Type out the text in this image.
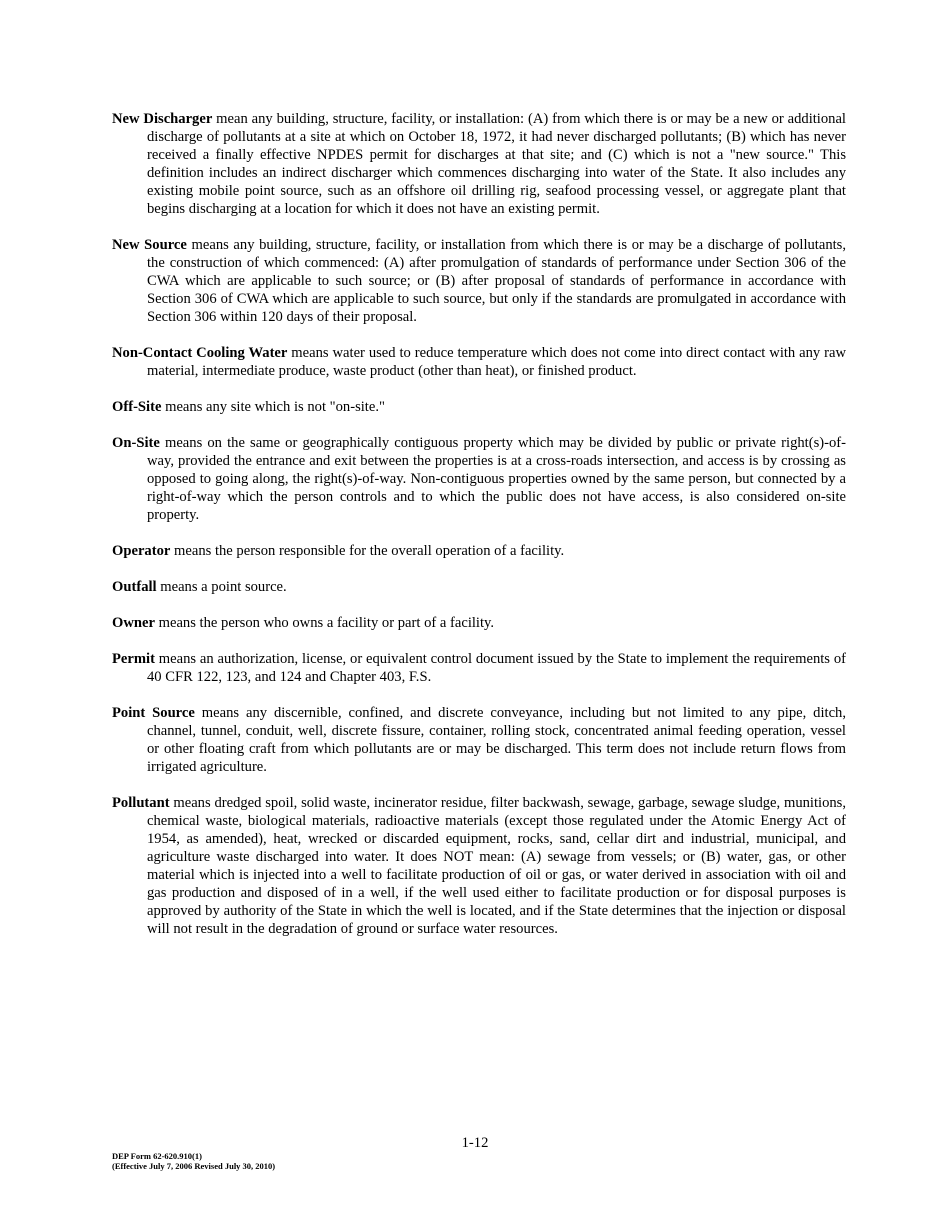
New Discharger mean any building, structure, facility, or installation: (A) from which there is or may be a new or additional discharge of pollutants at a site at which on October 18, 1972, it had never discharged pollutants; (B) which has never received a finally effective NPDES permit for discharges at that site; and (C) which is not a "new source." This definition includes an indirect discharger which commences discharging into water of the State. It also includes any existing mobile point source, such as an offshore oil drilling rig, seafood processing vessel, or aggregate plant that begins discharging at a location for which it does not have an existing permit.

New Source means any building, structure, facility, or installation from which there is or may be a discharge of pollutants, the construction of which commenced: (A) after promulgation of standards of performance under Section 306 of the CWA which are applicable to such source; or (B) after proposal of standards of performance in accordance with Section 306 of CWA which are applicable to such source, but only if the standards are promulgated in accordance with Section 306 within 120 days of their proposal.

Non-Contact Cooling Water means water used to reduce temperature which does not come into direct contact with any raw material, intermediate produce, waste product (other than heat), or finished product.

Off-Site means any site which is not "on-site."

On-Site means on the same or geographically contiguous property which may be divided by public or private right(s)-of-way, provided the entrance and exit between the properties is at a cross-roads intersection, and access is by crossing as opposed to going along, the right(s)-of-way. Non-contiguous properties owned by the same person, but connected by a right-of-way which the person controls and to which the public does not have access, is also considered on-site property.

Operator means the person responsible for the overall operation of a facility.

Outfall means a point source.

Owner means the person who owns a facility or part of a facility.

Permit means an authorization, license, or equivalent control document issued by the State to implement the requirements of 40 CFR 122, 123, and 124 and Chapter 403, F.S.

Point Source means any discernible, confined, and discrete conveyance, including but not limited to any pipe, ditch, channel, tunnel, conduit, well, discrete fissure, container, rolling stock, concentrated animal feeding operation, vessel or other floating craft from which pollutants are or may be discharged. This term does not include return flows from irrigated agriculture.

Pollutant means dredged spoil, solid waste, incinerator residue, filter backwash, sewage, garbage, sewage sludge, munitions, chemical waste, biological materials, radioactive materials (except those regulated under the Atomic Energy Act of 1954, as amended), heat, wrecked or discarded equipment, rocks, sand, cellar dirt and industrial, municipal, and agriculture waste discharged into water. It does NOT mean: (A) sewage from vessels; or (B) water, gas, or other material which is injected into a well to facilitate production of oil or gas, or water derived in association with oil and gas production and disposed of in a well, if the well used either to facilitate production or for disposal purposes is approved by authority of the State in which the well is located, and if the State determines that the injection or disposal will not result in the degradation of ground or surface water resources.

1-12
DEP Form 62-620.910(1)
(Effective July 7, 2006 Revised July 30, 2010)
